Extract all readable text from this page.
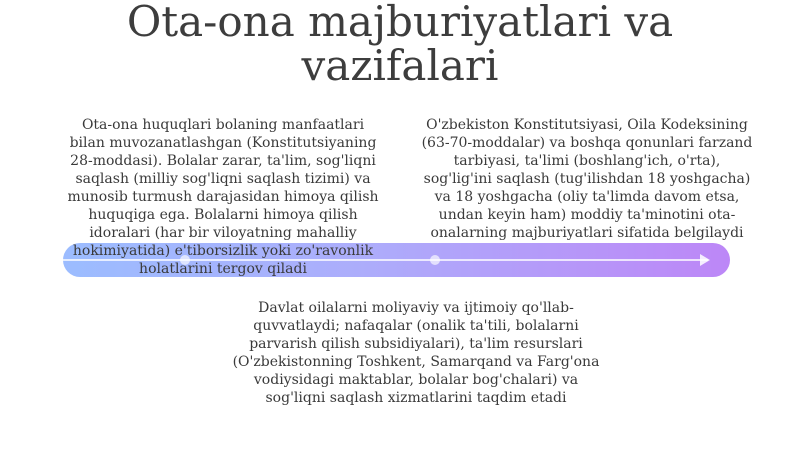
Ota-ona majburiyatlari va
vazifalari

Ota-ona huquqlari bolaning manfaatlari bilan muvozanatlashgan (Konstitutsiyaning 28-moddasi). Bolalar zarar, ta'lim, sog'liqni saqlash (milliy sog'liqni saqlash tizimi) va munosib turmush darajasidan himoya qilish huquqiga ega. Bolalarni himoya qilish idoralari (har bir viloyatning mahalliy hokimiyatida) e'tiborsizlik yoki zo'ravonlik holatlarini tergov qiladi

O'zbekiston Konstitutsiyasi, Oila Kodeksining (63-70-moddalar) va boshqa qonunlari farzand tarbiyasi, ta'limi (boshlang'ich, o'rta), sog'lig'ini saqlash (tug'ilishdan 18 yoshgacha) va 18 yoshgacha (oliy ta'limda davom etsa, undan keyin ham) moddiy ta'minotini ota-onalarning majburiyatlari sifatida belgilaydi

Davlat oilalarni moliyaviy va ijtimoiy qo'llab-quvvatlaydi; nafaqalar (onalik ta'tili, bolalarni parvarish qilish subsidiyalari), ta'lim resurslari (O'zbekistonning Toshkent, Samarqand va Farg'ona vodiysidagi maktablar, bolalar bog'chalari) va sog'liqni saqlash xizmatlarini taqdim etadi
